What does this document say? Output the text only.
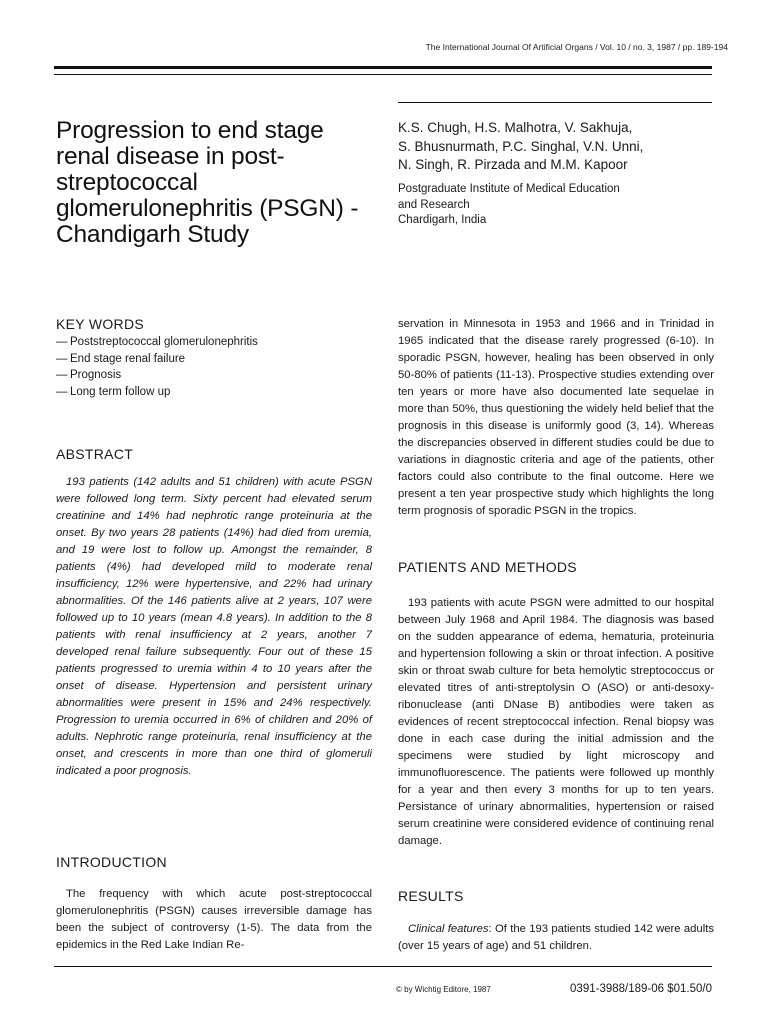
The International Journal Of Artificial Organs / Vol. 10 / no. 3, 1987 / pp. 189-194
Progression to end stage renal disease in post-streptococcal glomerulonephritis (PSGN) - Chandigarh Study
K.S. Chugh, H.S. Malhotra, V. Sakhuja,
S. Bhusnurmath, P.C. Singhal, V.N. Unni,
N. Singh, R. Pirzada and M.M. Kapoor
Postgraduate Institute of Medical Education
and Research
Chardigarh, India
KEY WORDS
— Poststreptococcal glomerulonephritis
— End stage renal failure
— Prognosis
— Long term follow up
ABSTRACT
193 patients (142 adults and 51 children) with acute PSGN were followed long term. Sixty percent had elevated serum creatinine and 14% had nephrotic range proteinuria at the onset. By two years 28 patients (14%) had died from uremia, and 19 were lost to follow up. Amongst the remainder, 8 patients (4%) had developed mild to moderate renal insufficiency, 12% were hypertensive, and 22% had urinary abnormalities. Of the 146 patients alive at 2 years, 107 were followed up to 10 years (mean 4.8 years). In addition to the 8 patients with renal insufficiency at 2 years, another 7 developed renal failure subsequently. Four out of these 15 patients progressed to uremia within 4 to 10 years after the onset of disease. Hypertension and persistent urinary abnormalities were present in 15% and 24% respectively. Progression to uremia occurred in 6% of children and 20% of adults. Nephrotic range proteinuria, renal insufficiency at the onset, and crescents in more than one third of glomeruli indicated a poor prognosis.
INTRODUCTION
The frequency with which acute post-streptococcal glomerulonephritis (PSGN) causes irreversible damage has been the subject of controversy (1-5). The data from the epidemics in the Red Lake Indian Re-
servation in Minnesota in 1953 and 1966 and in Trinidad in 1965 indicated that the disease rarely progressed (6-10). In sporadic PSGN, however, healing has been observed in only 50-80% of patients (11-13). Prospective studies extending over ten years or more have also documented late sequelae in more than 50%, thus questioning the widely held belief that the prognosis in this disease is uniformly good (3, 14). Whereas the discrepancies observed in different studies could be due to variations in diagnostic criteria and age of the patients, other factors could also contribute to the final outcome. Here we present a ten year prospective study which highlights the long term prognosis of sporadic PSGN in the tropics.
PATIENTS AND METHODS
193 patients with acute PSGN were admitted to our hospital between July 1968 and April 1984. The diagnosis was based on the sudden appearance of edema, hematuria, proteinuria and hypertension following a skin or throat infection. A positive skin or throat swab culture for beta hemolytic streptococcus or elevated titres of anti-streptolysin O (ASO) or anti-desoxy-ribonuclease (anti DNase B) antibodies were taken as evidences of recent streptococcal infection. Renal biopsy was done in each case during the initial admission and the specimens were studied by light microscopy and immunofluorescence. The patients were followed up monthly for a year and then every 3 months for up to ten years. Persistance of urinary abnormalities, hypertension or raised serum creatinine were considered evidence of continuing renal damage.
RESULTS
Clinical features: Of the 193 patients studied 142 were adults (over 15 years of age) and 51 children.
© by Wichtig Editore, 1987	0391-3988/189-06 $01.50/0
